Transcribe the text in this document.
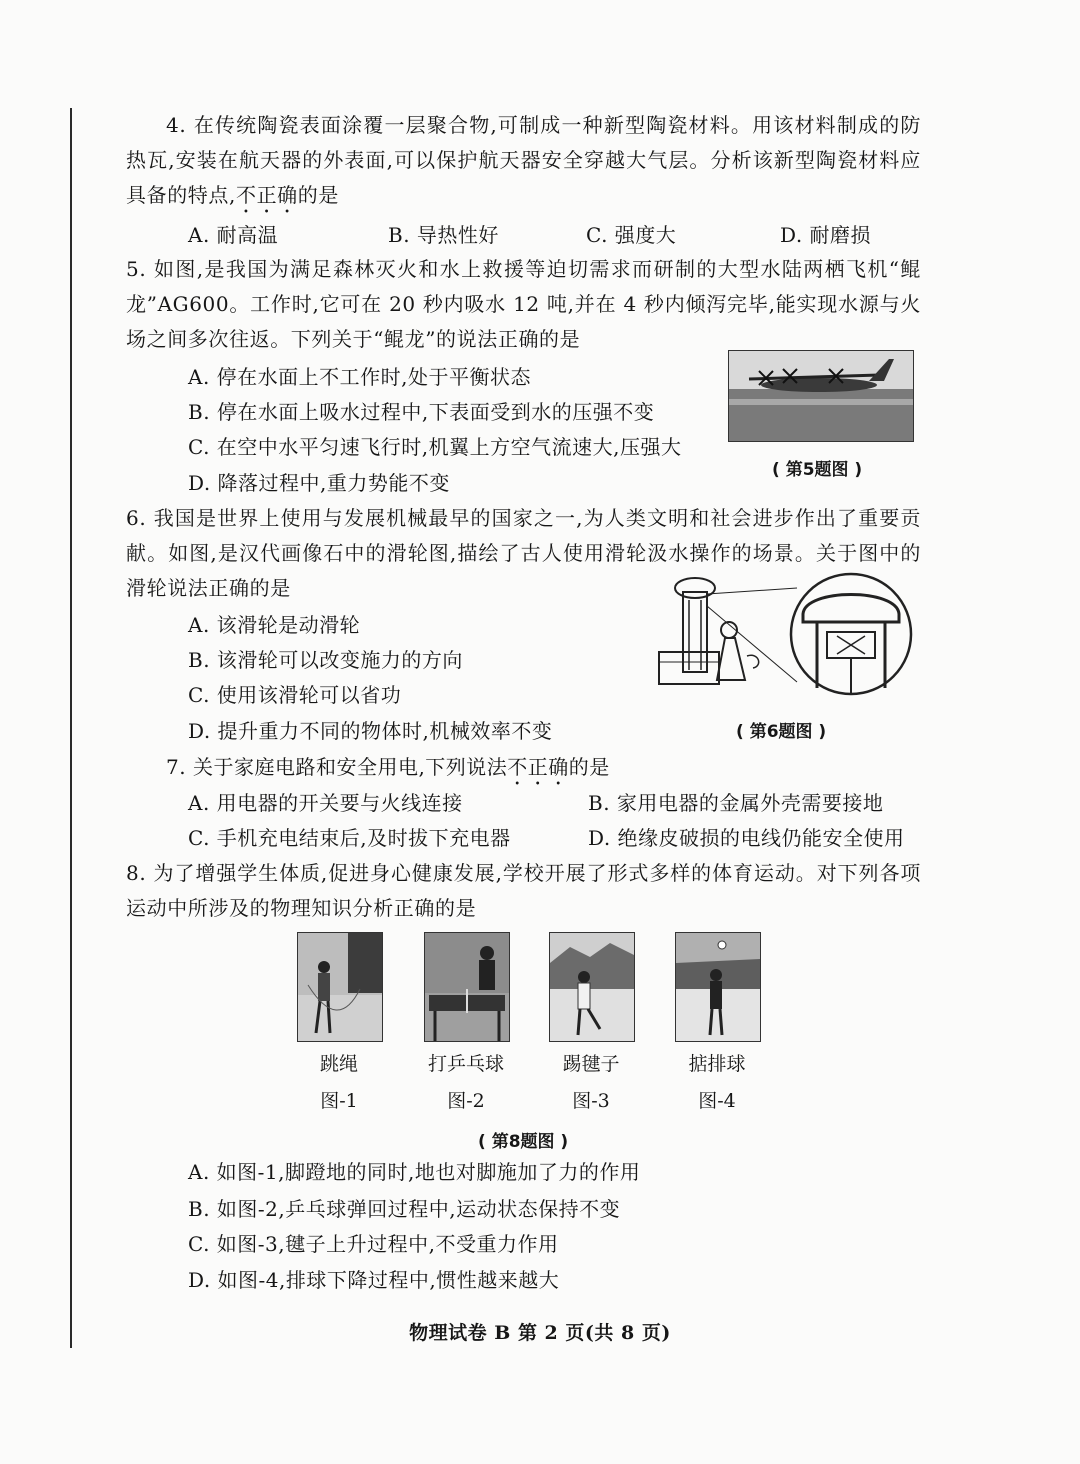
4. 在传统陶瓷表面涂覆一层聚合物,可制成一种新型陶瓷材料。用该材料制成的防热瓦,安装在航天器的外表面,可以保护航天器安全穿越大气层。分析该新型陶瓷材料应具备的特点,不正确的是
A. 耐高温	B. 导热性好	C. 强度大	D. 耐磨损
5. 如图,是我国为满足森林灭火和水上救援等迫切需求而研制的大型水陆两栖飞机“鲲龙”AG600。工作时,它可在 20 秒内吸水 12 吨,并在 4 秒内倾泻完毕,能实现水源与火场之间多次往返。下列关于“鲲龙”的说法正确的是
A. 停在水面上不工作时,处于平衡状态
B. 停在水面上吸水过程中,下表面受到水的压强不变
C. 在空中水平匀速飞行时,机翼上方空气流速大,压强大
D. 降落过程中,重力势能不变
( 第5题图 )
6. 我国是世界上使用与发展机械最早的国家之一,为人类文明和社会进步作出了重要贡献。如图,是汉代画像石中的滑轮图,描绘了古人使用滑轮汲水操作的场景。关于图中的滑轮说法正确的是
A. 该滑轮是动滑轮
B. 该滑轮可以改变施力的方向
C. 使用该滑轮可以省功
D. 提升重力不同的物体时,机械效率不变	( 第6题图 )
7. 关于家庭电路和安全用电,下列说法不正确的是
A. 用电器的开关要与火线连接	B. 家用电器的金属外壳需要接地
C. 手机充电结束后,及时拔下充电器	D. 绝缘皮破损的电线仍能安全使用
8. 为了增强学生体质,促进身心健康发展,学校开展了形式多样的体育运动。对下列各项运动中所涉及的物理知识分析正确的是
跳绳	打乒乓球	踢毽子	掂排球
图-1	图-2	图-3	图-4
( 第8题图 )
A. 如图-1,脚蹬地的同时,地也对脚施加了力的作用
B. 如图-2,乒乓球弹回过程中,运动状态保持不变
C. 如图-3,毽子上升过程中,不受重力作用
D. 如图-4,排球下降过程中,惯性越来越大
物理试卷 B 第 2 页(共 8 页)
